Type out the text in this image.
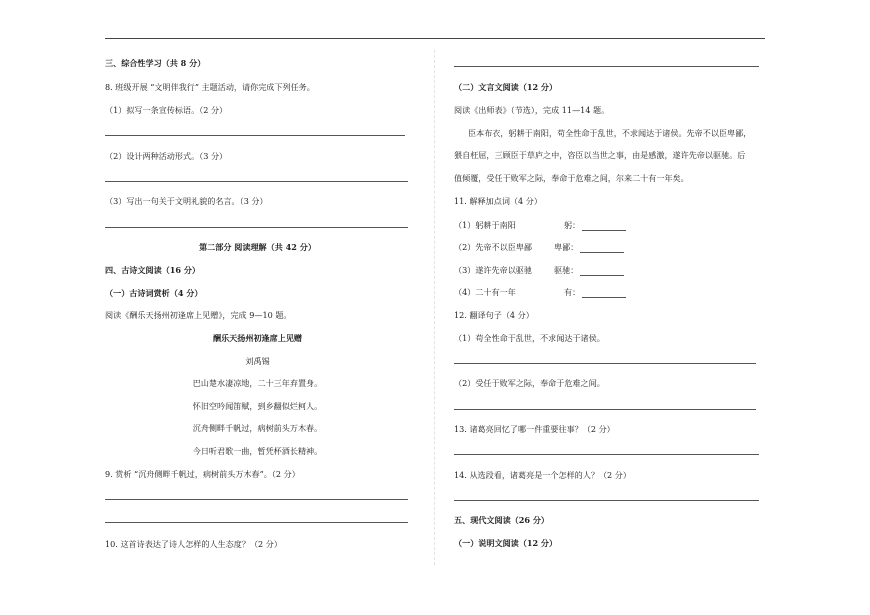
三、综合性学习（共 8 分）
8. 班级开展 “文明伴我行” 主题活动，请你完成下列任务。
（1）拟写一条宣传标语。（2 分）
（2）设计两种活动形式。（3 分）
（3）写出一句关于文明礼貌的名言。（3 分）
第二部分 阅读理解（共 42 分）
四、古诗文阅读（16 分）
（一）古诗词赏析（4 分）
阅读《酬乐天扬州初逢席上见赠》，完成 9—10 题。
酬乐天扬州初逢席上见赠
刘禹锡
巴山楚水凄凉地，二十三年弃置身。
怀旧空吟闻笛赋，到乡翻似烂柯人。
沉舟侧畔千帆过，病树前头万木春。
今日听君歌一曲，暂凭杯酒长精神。
9. 赏析 “沉舟侧畔千帆过，病树前头万木春”。（2 分）
10. 这首诗表达了诗人怎样的人生态度？（2 分）
（二）文言文阅读（12 分）
阅读《出师表》（节选），完成 11—14 题。
臣本布衣，躬耕于南阳，苟全性命于乱世，不求闻达于诸侯。先帝不以臣卑鄙，
猥自枉屈，三顾臣于草庐之中，咨臣以当世之事，由是感激，遂许先帝以驱驰。后
值倾覆，受任于败军之际，奉命于危难之间，尔来二十有一年矣。
11. 解释加点词（4 分）
（1）躬耕于南阳	躬：
（2）先帝不以臣卑鄙	卑鄙：
（3）遂许先帝以驱驰	驱驰：
（4）二十有一年	有：
12. 翻译句子（4 分）
（1）苟全性命于乱世，不求闻达于诸侯。
（2）受任于败军之际，奉命于危难之间。
13. 诸葛亮回忆了哪一件重要往事？（2 分）
14. 从选段看，诸葛亮是一个怎样的人？（2 分）
五、现代文阅读（26 分）
（一）说明文阅读（12 分）
